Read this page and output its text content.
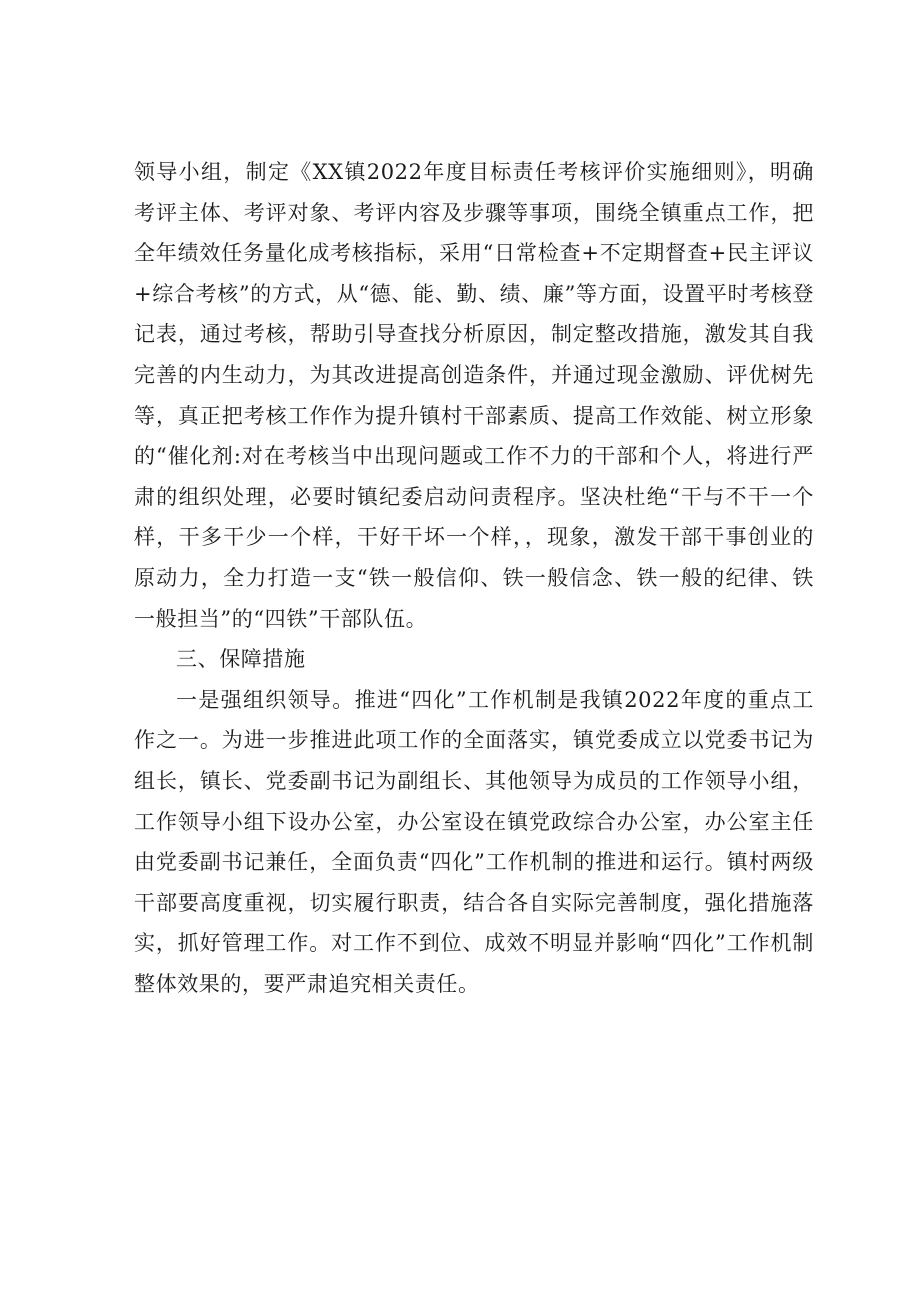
领导小组，制定《XX镇2022年度目标责任考核评价实施细则》，明确考评主体、考评对象、考评内容及步骤等事项，围绕全镇重点工作，把全年绩效任务量化成考核指标，采用“日常检查+不定期督查+民主评议+综合考核”的方式，从“德、能、勤、绩、廉”等方面，设置平时考核登记表，通过考核，帮助引导查找分析原因，制定整改措施，激发其自我完善的内生动力，为其改进提高创造条件，并通过现金激励、评优树先等，真正把考核工作作为提升镇村干部素质、提高工作效能、树立形象的“催化剂:对在考核当中出现问题或工作不力的干部和个人，将进行严肃的组织处理，必要时镇纪委启动问责程序。坚决杜绝“干与不干一个样，干多干少一个样，干好干坏一个样，，现象，激发干部干事创业的原动力，全力打造一支“铁一般信仰、铁一般信念、铁一般的纪律、铁一般担当”的“四铁”干部队伍。

三、保障措施

一是强组织领导。推进“四化”工作机制是我镇2022年度的重点工作之一。为进一步推进此项工作的全面落实，镇党委成立以党委书记为组长，镇长、党委副书记为副组长、其他领导为成员的工作领导小组，工作领导小组下设办公室，办公室设在镇党政综合办公室，办公室主任由党委副书记兼任，全面负责“四化”工作机制的推进和运行。镇村两级干部要高度重视，切实履行职责，结合各自实际完善制度，强化措施落实，抓好管理工作。对工作不到位、成效不明显并影响“四化”工作机制整体效果的，要严肃追究相关责任。
